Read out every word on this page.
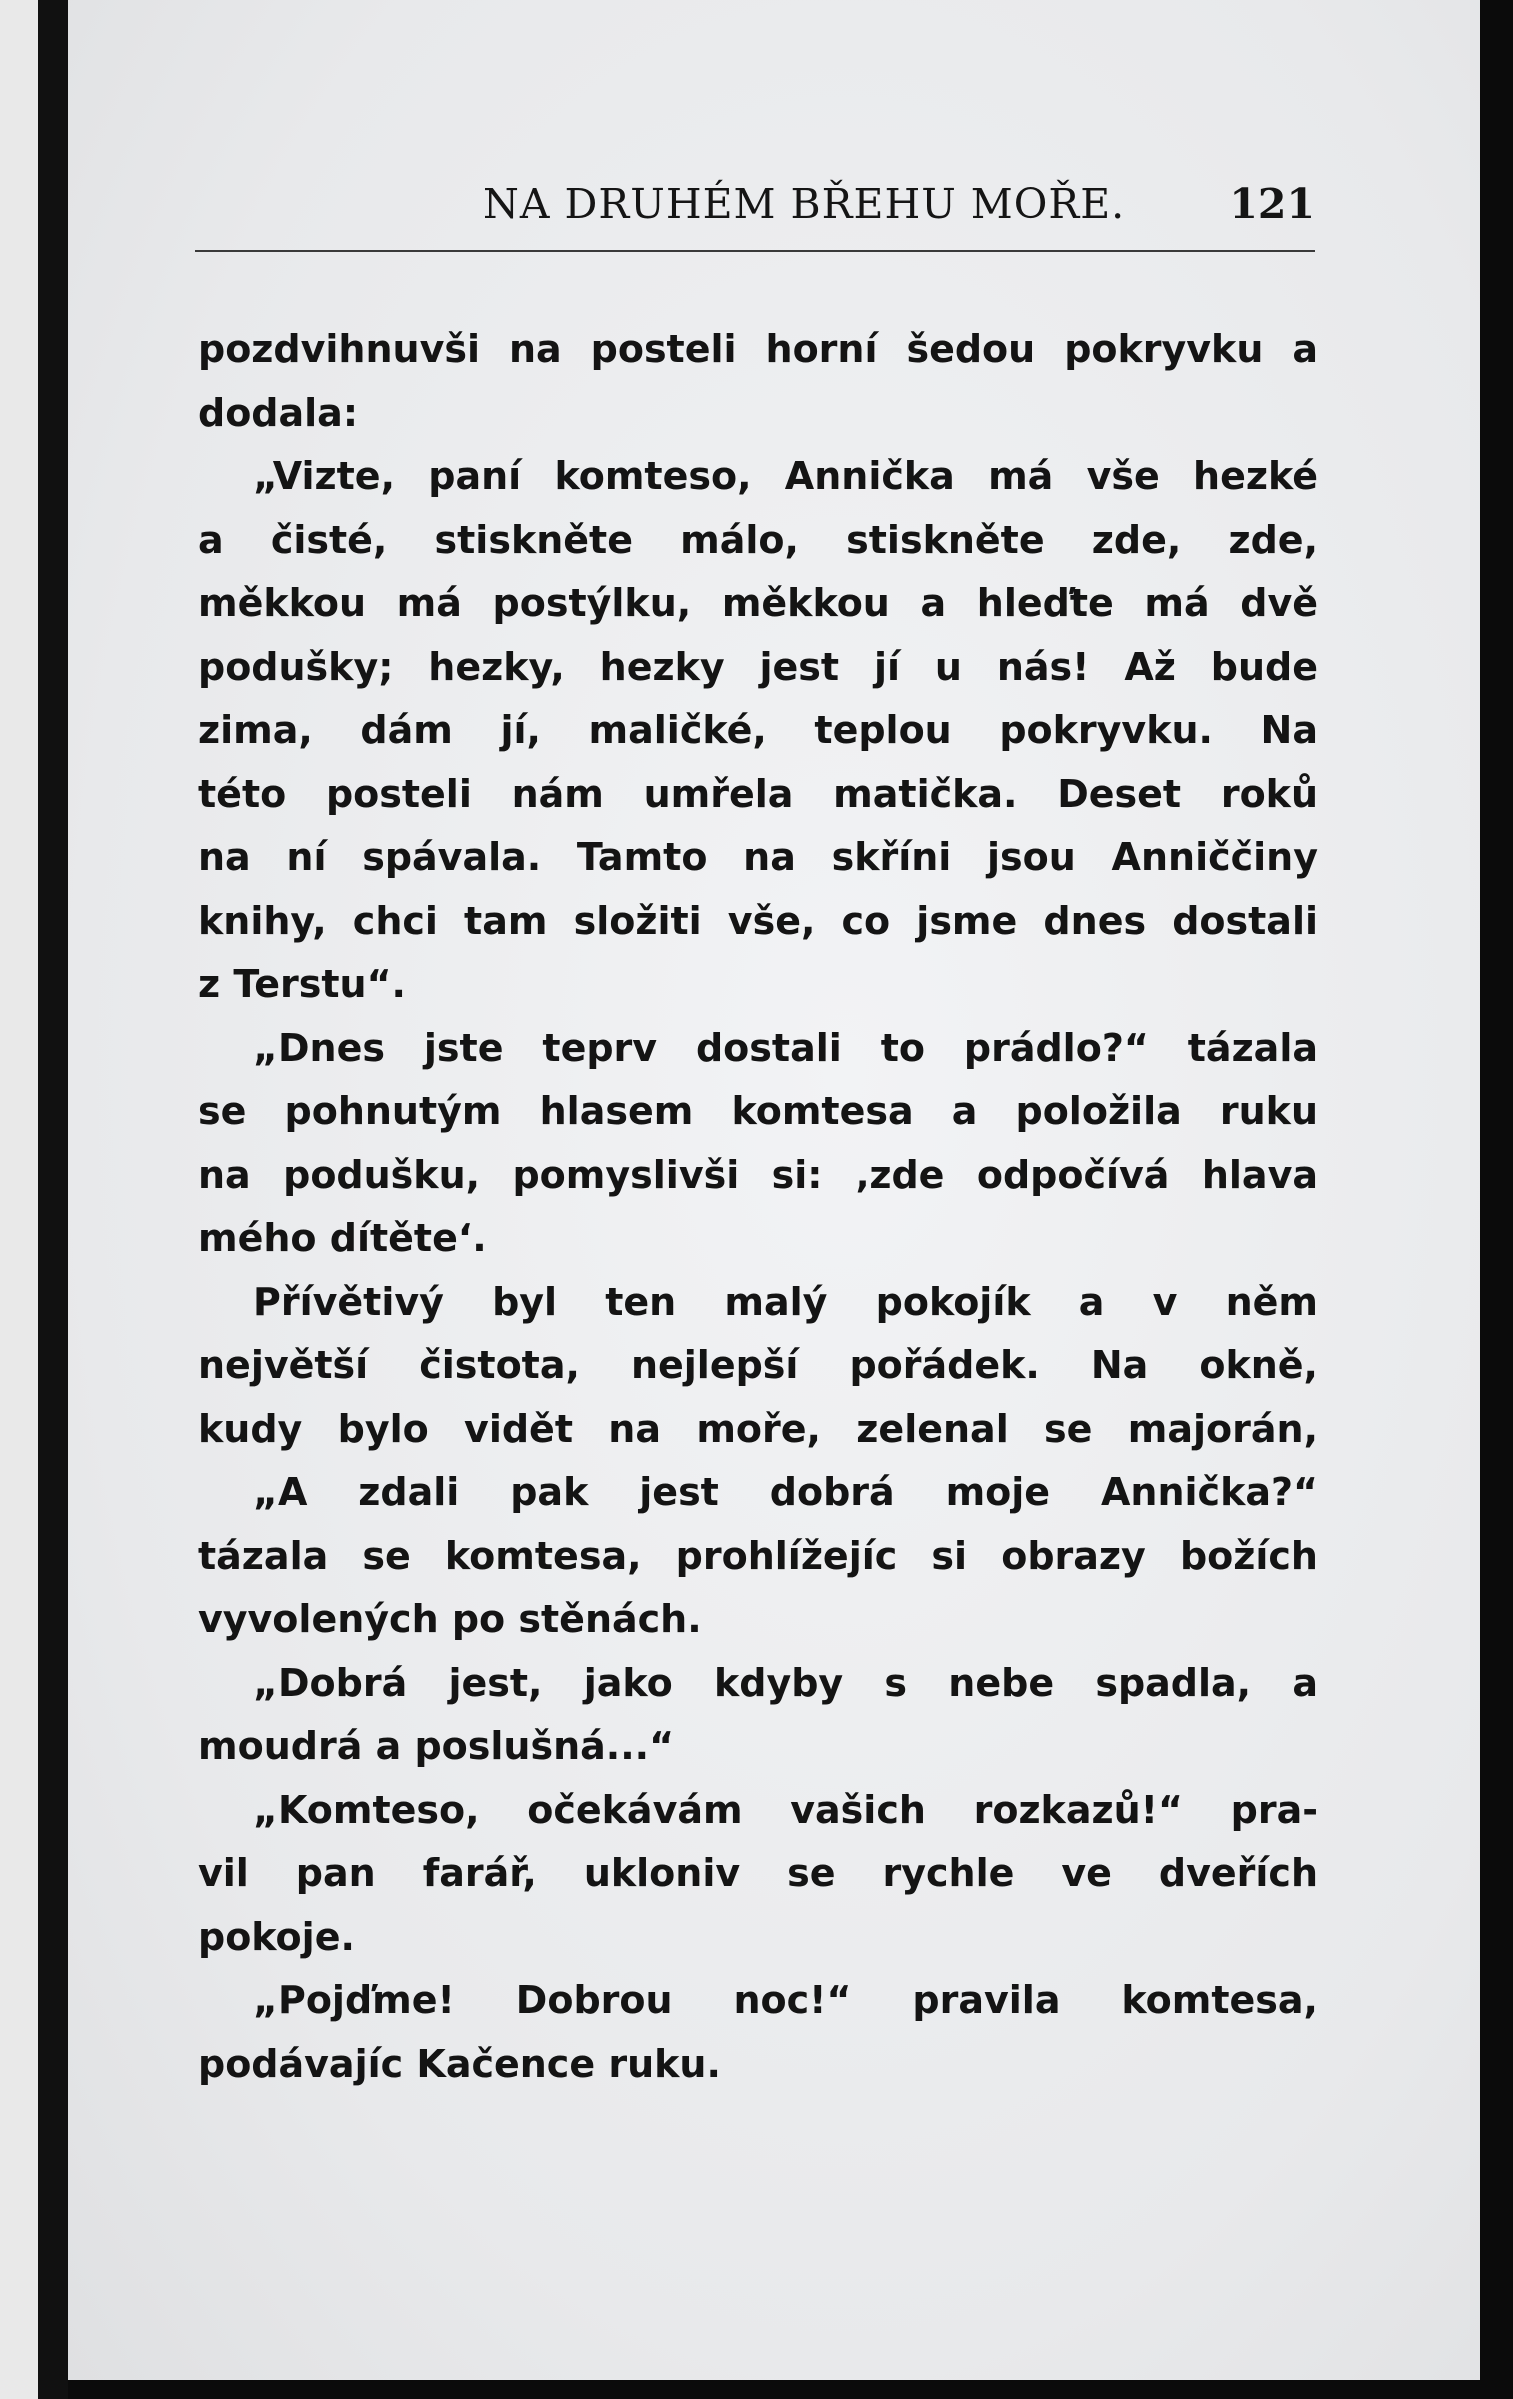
NA DRUHÉM BŘEHU MOŘE.	121
pozdvihnuvši na posteli horní šedou pokryvku a
dodala:
„Vizte, paní komteso, Annička má vše hezké
a čisté, stiskněte málo, stiskněte zde, zde,
měkkou má postýlku, měkkou a hleďte má dvě
podušky; hezky, hezky jest jí u nás! Až bude
zima, dám jí, maličké, teplou pokryvku. Na
této posteli nám umřela matička. Deset roků
na ní spávala. Tamto na skříni jsou Anniččiny
knihy, chci tam složiti vše, co jsme dnes dostali
z Terstu“.
„Dnes jste teprv dostali to prádlo?“ tázala
se pohnutým hlasem komtesa a položila ruku
na podušku, pomyslivši si: ‚zde odpočívá hlava
mého dítěte‘.
Přívětivý byl ten malý pokojík a v něm
největší čistota, nejlepší pořádek. Na okně,
kudy bylo vidět na moře, zelenal se majorán,
„A zdali pak jest dobrá moje Annička?“
tázala se komtesa, prohlížejíc si obrazy božích
vyvolených po stěnách.
„Dobrá jest, jako kdyby s nebe spadla, a
moudrá a poslušná...“
„Komteso, očekávám vašich rozkazů!“ pra-
vil pan farář, ukloniv se rychle ve dveřích
pokoje.
„Pojďme! Dobrou noc!“ pravila komtesa,
podávajíc Kačence ruku.
